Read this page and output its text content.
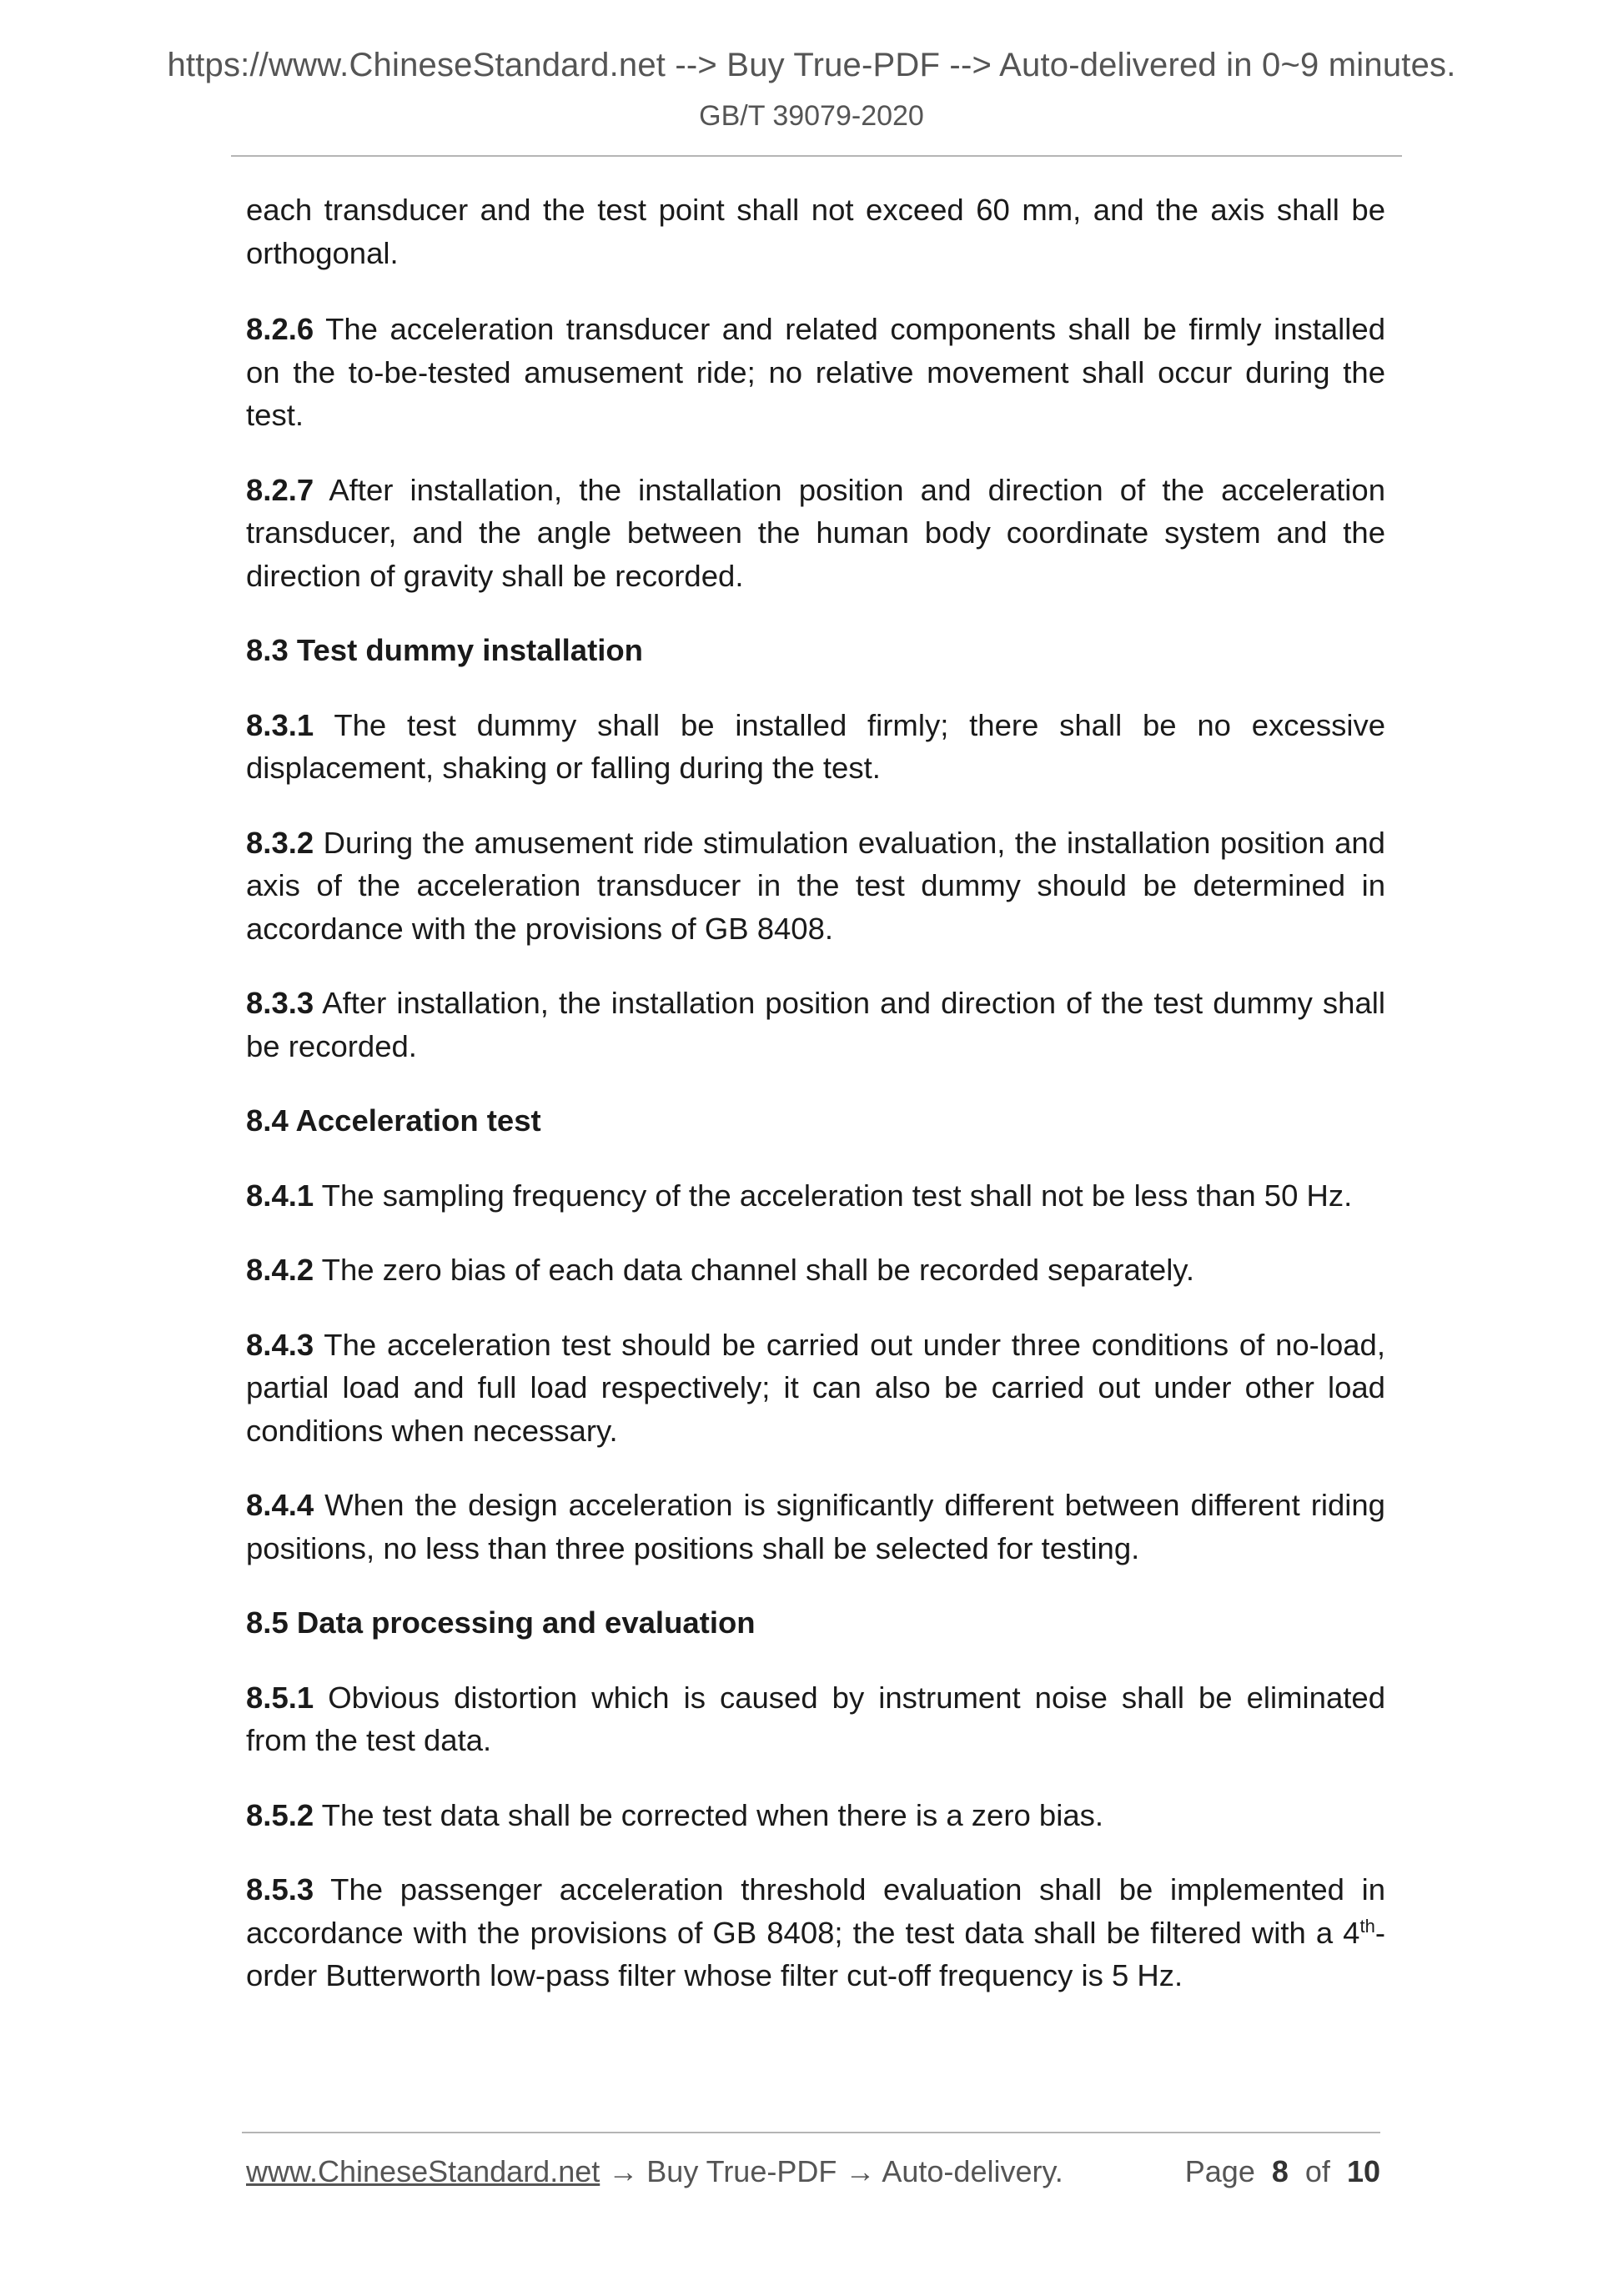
https://www.ChineseStandard.net --> Buy True-PDF --> Auto-delivered in 0~9 minutes.
GB/T 39079-2020

each transducer and the test point shall not exceed 60 mm, and the axis shall be orthogonal.

8.2.6 The acceleration transducer and related components shall be firmly installed on the to-be-tested amusement ride; no relative movement shall occur during the test.

8.2.7 After installation, the installation position and direction of the acceleration transducer, and the angle between the human body coordinate system and the direction of gravity shall be recorded.

8.3 Test dummy installation

8.3.1 The test dummy shall be installed firmly; there shall be no excessive displacement, shaking or falling during the test.

8.3.2 During the amusement ride stimulation evaluation, the installation position and axis of the acceleration transducer in the test dummy should be determined in accordance with the provisions of GB 8408.

8.3.3 After installation, the installation position and direction of the test dummy shall be recorded.

8.4 Acceleration test

8.4.1 The sampling frequency of the acceleration test shall not be less than 50 Hz.

8.4.2 The zero bias of each data channel shall be recorded separately.

8.4.3 The acceleration test should be carried out under three conditions of no-load, partial load and full load respectively; it can also be carried out under other load conditions when necessary.

8.4.4 When the design acceleration is significantly different between different riding positions, no less than three positions shall be selected for testing.

8.5 Data processing and evaluation

8.5.1 Obvious distortion which is caused by instrument noise shall be eliminated from the test data.

8.5.2 The test data shall be corrected when there is a zero bias.

8.5.3 The passenger acceleration threshold evaluation shall be implemented in accordance with the provisions of GB 8408; the test data shall be filtered with a 4th-order Butterworth low-pass filter whose filter cut-off frequency is 5 Hz.

www.ChineseStandard.net → Buy True-PDF → Auto-delivery.	Page 8 of 10
